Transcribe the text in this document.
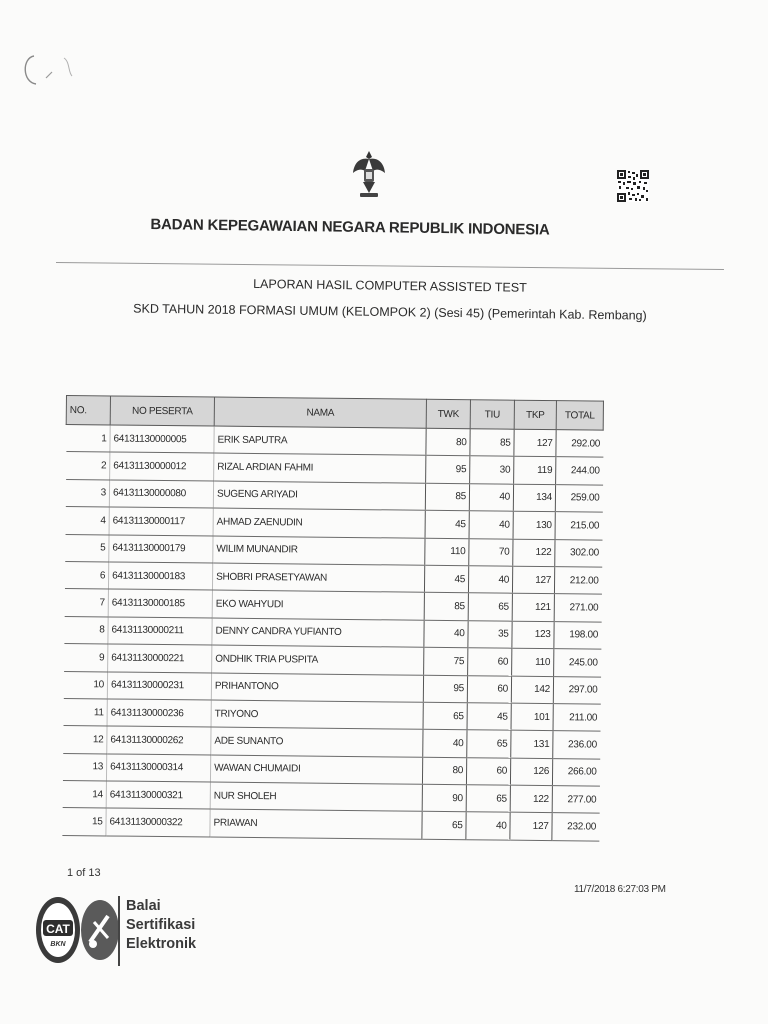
BADAN KEPEGAWAIAN NEGARA REPUBLIK INDONESIA
LAPORAN HASIL COMPUTER ASSISTED TEST
SKD TAHUN 2018 FORMASI UMUM (KELOMPOK 2) (Sesi 45) (Pemerintah Kab. Rembang)
NO.	NO PESERTA	NAMA	TWK	TIU	TKP	TOTAL
1	64131130000005	ERIK SAPUTRA	80	85	127	292.00
2	64131130000012	RIZAL ARDIAN FAHMI	95	30	119	244.00
3	64131130000080	SUGENG ARIYADI	85	40	134	259.00
4	64131130000117	AHMAD ZAENUDIN	45	40	130	215.00
5	64131130000179	WILIM MUNANDIR	110	70	122	302.00
6	64131130000183	SHOBRI PRASETYAWAN	45	40	127	212.00
7	64131130000185	EKO WAHYUDI	85	65	121	271.00
8	64131130000211	DENNY CANDRA YUFIANTO	40	35	123	198.00
9	64131130000221	ONDHIK TRIA PUSPITA	75	60	110	245.00
10	64131130000231	PRIHANTONO	95	60	142	297.00
11	64131130000236	TRIYONO	65	45	101	211.00
12	64131130000262	ADE SUNANTO	40	65	131	236.00
13	64131130000314	WAWAN CHUMAIDI	80	60	126	266.00
14	64131130000321	NUR SHOLEH	90	65	122	277.00
15	64131130000322	PRIAWAN	65	40	127	232.00
1 of 13
11/7/2018 6:27:03 PM
CAT
BKN
Balai
Sertifikasi
Elektronik
